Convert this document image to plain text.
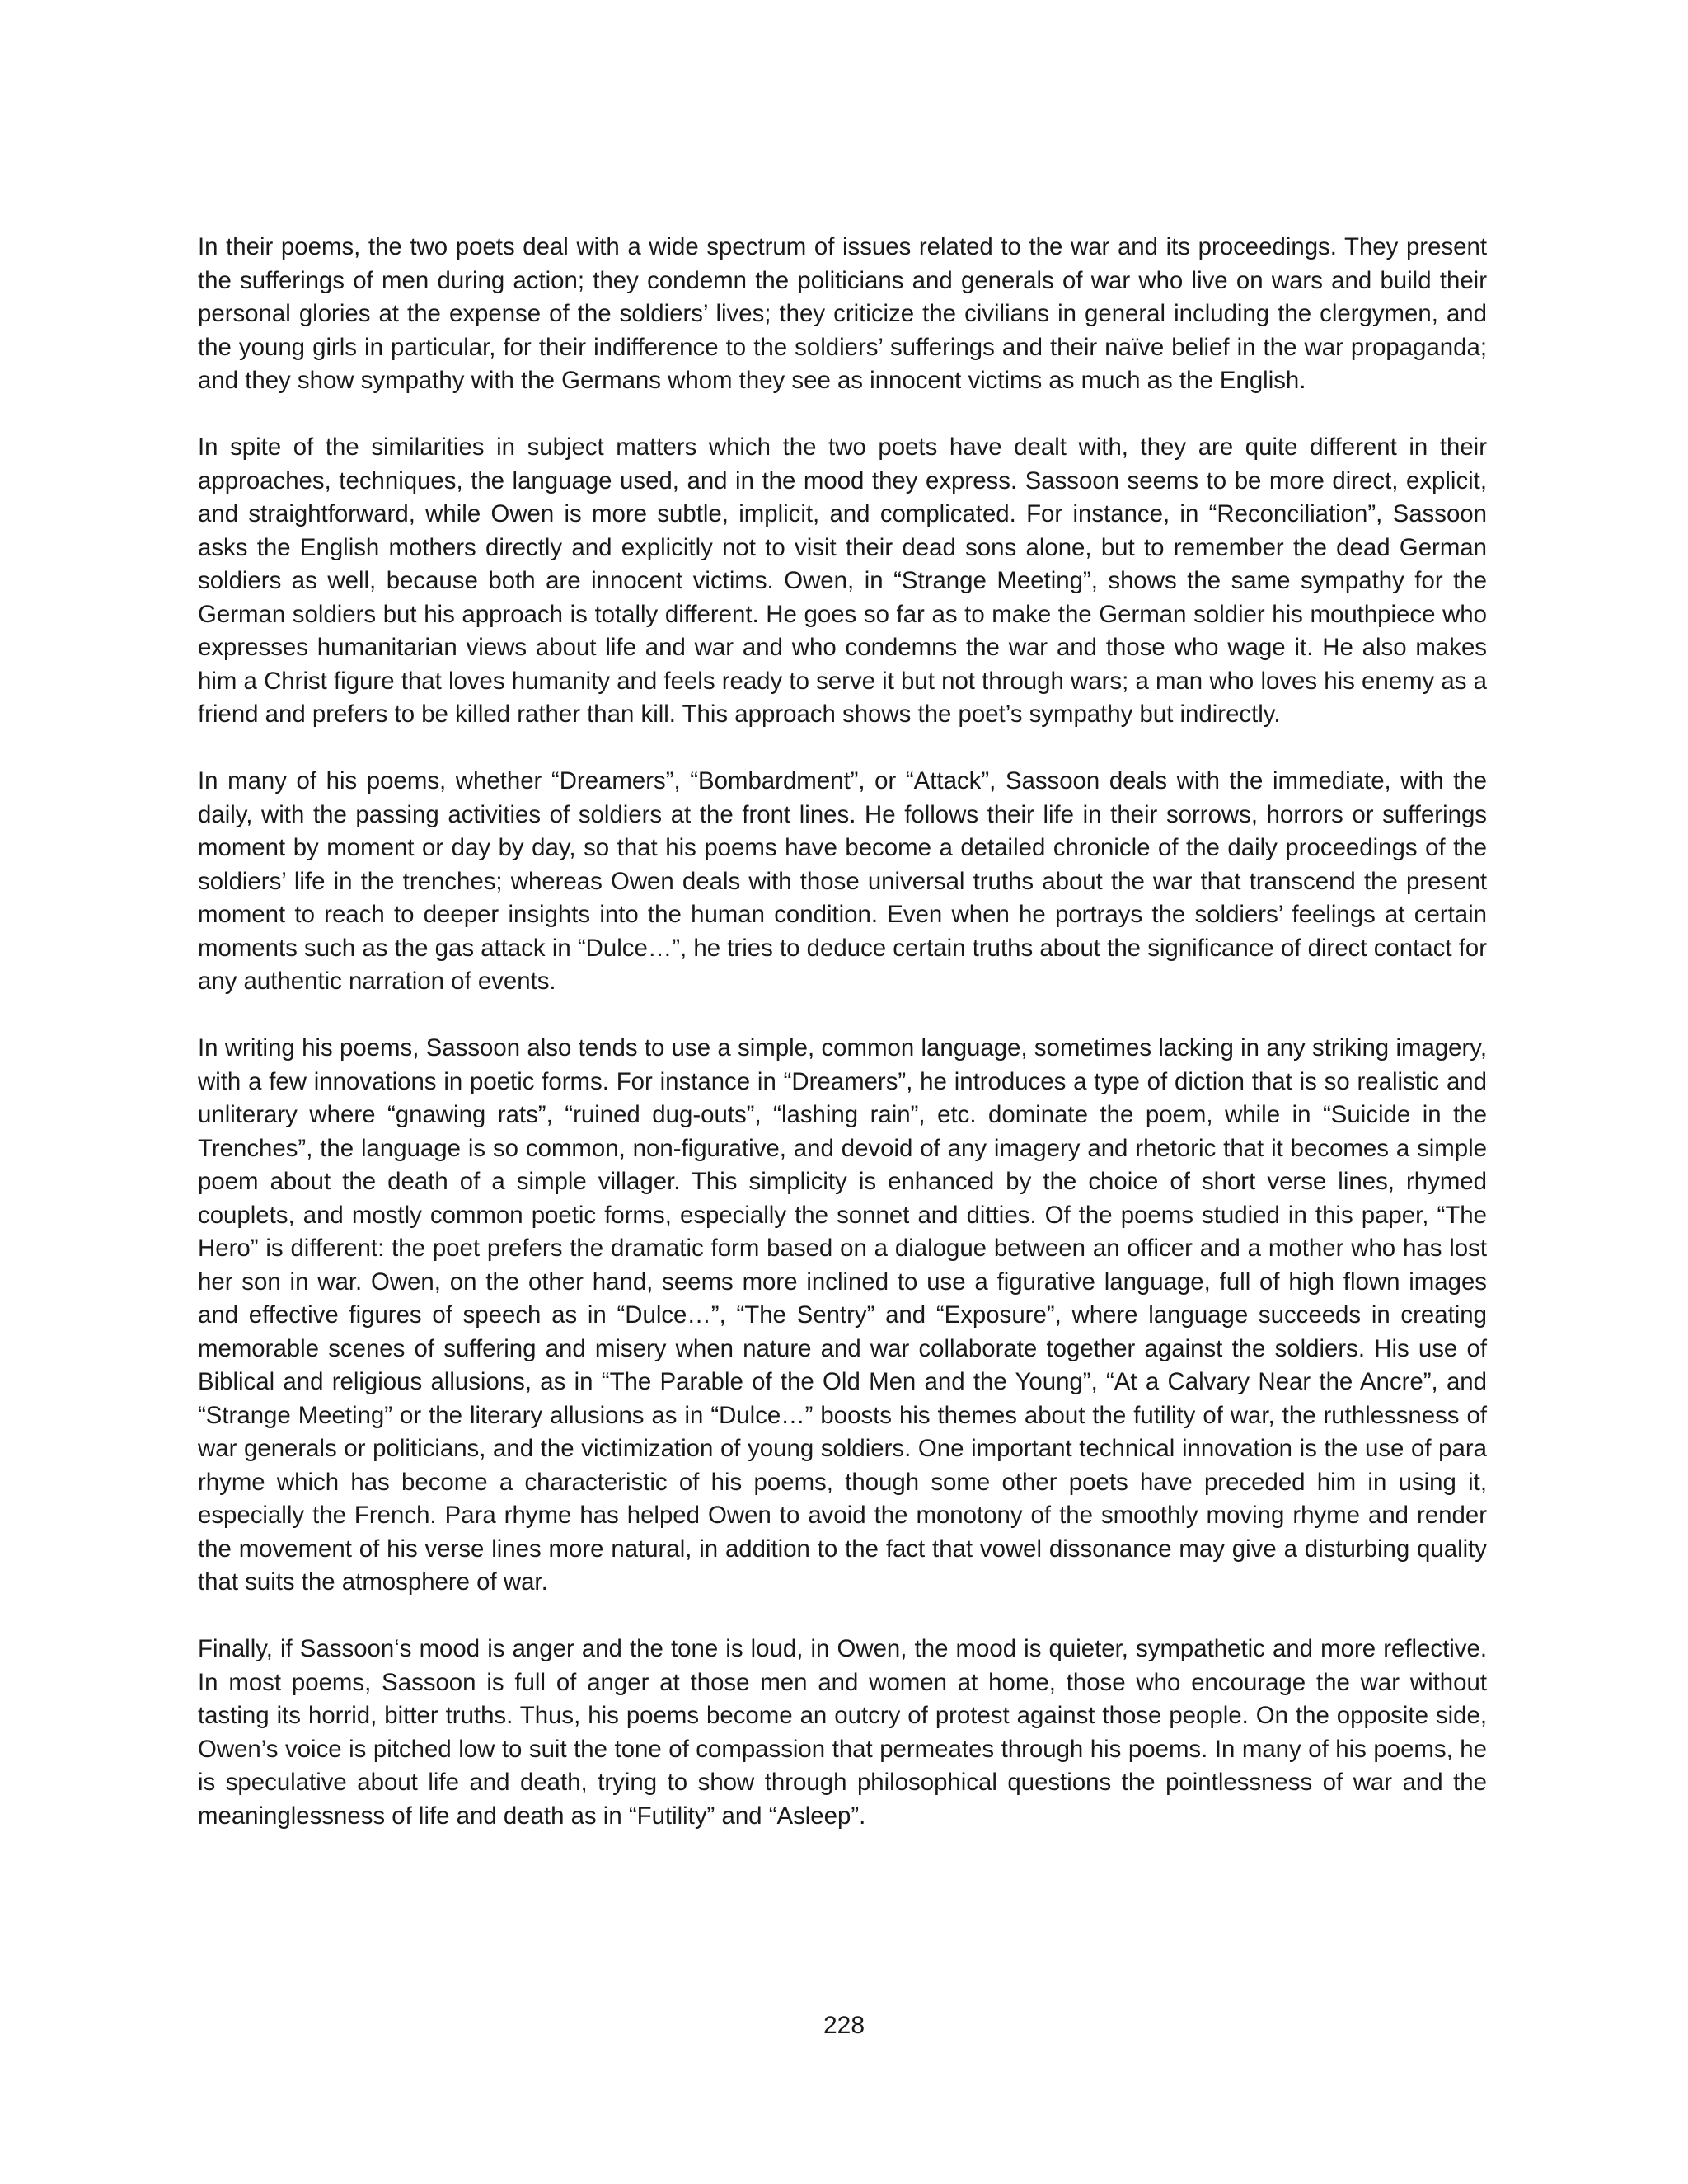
In their poems, the two poets deal with a wide spectrum of issues related to the war and its proceedings. They present the sufferings of men during action; they condemn the politicians and generals of war who live on wars and build their personal glories at the expense of the soldiers’ lives; they criticize the civilians in general including the clergymen, and the young girls in particular, for their indifference to the soldiers’ sufferings and their naïve belief in the war propaganda; and they show sympathy with the Germans whom they see as innocent victims as much as the English.

In spite of the similarities in subject matters which the two poets have dealt with, they are quite different in their approaches, techniques, the language used, and in the mood they express. Sassoon seems to be more direct, explicit, and straightforward, while Owen is more subtle, implicit, and complicated. For instance, in “Reconciliation”, Sassoon asks the English mothers directly and explicitly not to visit their dead sons alone, but to remember the dead German soldiers as well, because both are innocent victims. Owen, in “Strange Meeting”, shows the same sympathy for the German soldiers but his approach is totally different. He goes so far as to make the German soldier his mouthpiece who expresses humanitarian views about life and war and who condemns the war and those who wage it. He also makes him a Christ figure that loves humanity and feels ready to serve it but not through wars; a man who loves his enemy as a friend and prefers to be killed rather than kill. This approach shows the poet’s sympathy but indirectly.

In many of his poems, whether “Dreamers”, “Bombardment”, or “Attack”, Sassoon deals with the immediate, with the daily, with the passing activities of soldiers at the front lines. He follows their life in their sorrows, horrors or sufferings moment by moment or day by day, so that his poems have become a detailed chronicle of the daily proceedings of the soldiers’ life in the trenches; whereas Owen deals with those universal truths about the war that transcend the present moment to reach to deeper insights into the human condition. Even when he portrays the soldiers’ feelings at certain moments such as the gas attack in “Dulce…”, he tries to deduce certain truths about the significance of direct contact for any authentic narration of events.

In writing his poems, Sassoon also tends to use a simple, common language, sometimes lacking in any striking imagery, with a few innovations in poetic forms. For instance in “Dreamers”, he introduces a type of diction that is so realistic and unliterary where “gnawing rats”, “ruined dug-outs”, “lashing rain”, etc. dominate the poem, while in “Suicide in the Trenches”, the language is so common, non-figurative, and devoid of any imagery and rhetoric that it becomes a simple poem about the death of a simple villager. This simplicity is enhanced by the choice of short verse lines, rhymed couplets, and mostly common poetic forms, especially the sonnet and ditties. Of the poems studied in this paper, “The Hero” is different: the poet prefers the dramatic form based on a dialogue between an officer and a mother who has lost her son in war. Owen, on the other hand, seems more inclined to use a figurative language, full of high flown images and effective figures of speech as in “Dulce…”, “The Sentry” and “Exposure”, where language succeeds in creating memorable scenes of suffering and misery when nature and war collaborate together against the soldiers. His use of Biblical and religious allusions, as in “The Parable of the Old Men and the Young”, “At a Calvary Near the Ancre”, and “Strange Meeting” or the literary allusions as in “Dulce…” boosts his themes about the futility of war, the ruthlessness of war generals or politicians, and the victimization of young soldiers. One important technical innovation is the use of para rhyme which has become a characteristic of his poems, though some other poets have preceded him in using it, especially the French. Para rhyme has helped Owen to avoid the monotony of the smoothly moving rhyme and render the movement of his verse lines more natural, in addition to the fact that vowel dissonance may give a disturbing quality that suits the atmosphere of war.

Finally, if Sassoon‘s mood is anger and the tone is loud, in Owen, the mood is quieter, sympathetic and more reflective. In most poems, Sassoon is full of anger at those men and women at home, those who encourage the war without tasting its horrid, bitter truths. Thus, his poems become an outcry of protest against those people. On the opposite side, Owen’s voice is pitched low to suit the tone of compassion that permeates through his poems. In many of his poems, he is speculative about life and death, trying to show through philosophical questions the pointlessness of war and the meaninglessness of life and death as in “Futility” and “Asleep”.

228
